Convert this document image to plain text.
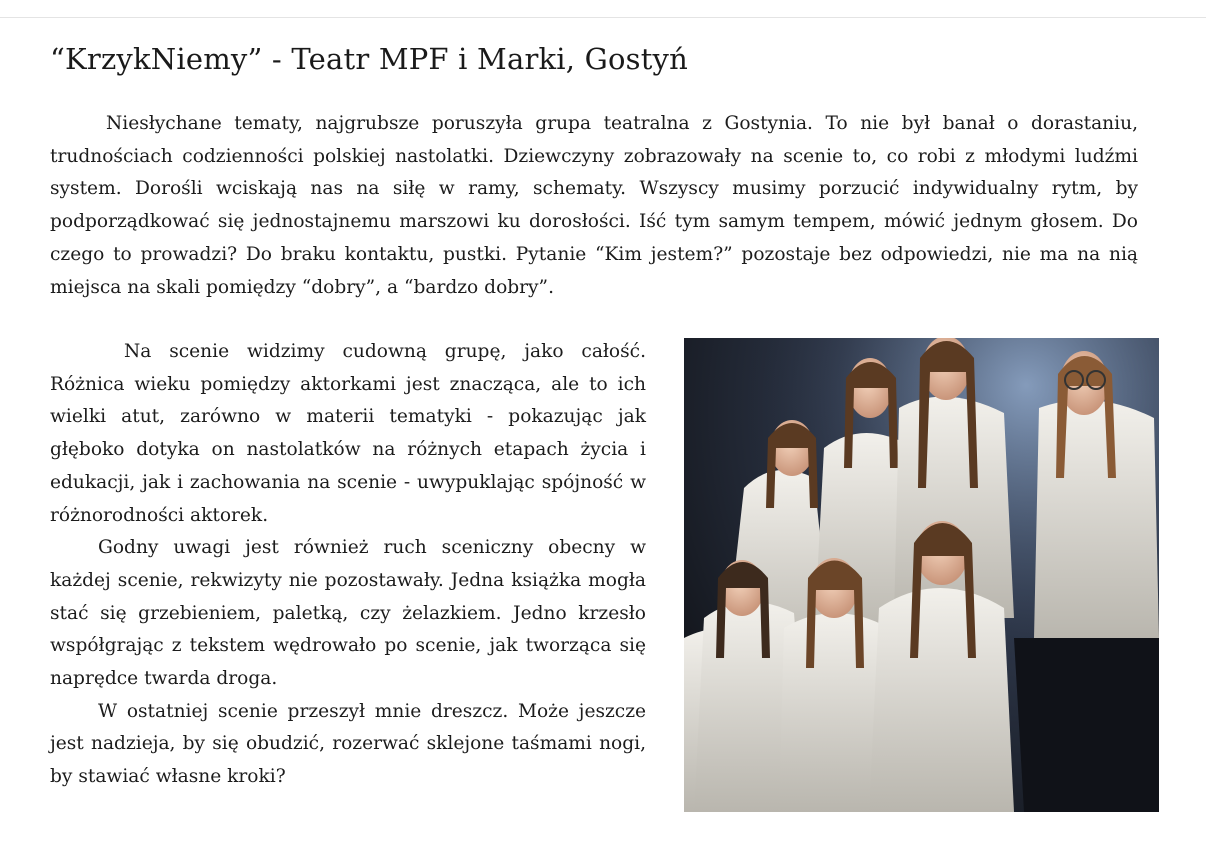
“KrzykNiemy” - Teatr MPF i Marki, Gostyń

Niesłychane tematy, najgrubsze poruszyła grupa teatralna z Gostynia. To nie był banał o dorastaniu, trudnościach codzienności polskiej nastolatki. Dziewczyny zobrazowały na scenie to, co robi z młodymi ludźmi system. Dorośli wciskają nas na siłę w ramy, schematy. Wszyscy musimy porzucić indywidualny rytm, by podporządkować się jednostajnemu marszowi ku dorosłości. Iść tym samym tempem, mówić jednym głosem. Do czego to prowadzi? Do braku kontaktu, pustki. Pytanie “Kim jestem?” pozostaje bez odpowiedzi, nie ma na nią miejsca na skali pomiędzy “dobry”, a “bardzo dobry”.

Na scenie widzimy cudowną grupę, jako całość. Różnica wieku pomiędzy aktorkami jest znacząca, ale to ich wielki atut, zarówno w materii tematyki - pokazując jak głęboko dotyka on nastolatków na różnych etapach życia i edukacji, jak i zachowania na scenie - uwypuklając spójność w różnorodności aktorek.

Godny uwagi jest również ruch sceniczny obecny w każdej scenie, rekwizyty nie pozostawały. Jedna książka mogła stać się grzebieniem, paletką, czy żelazkiem. Jedno krzesło współgrając z tekstem wędrowało po scenie, jak tworząca się naprędce twarda droga.

W ostatniej scenie przeszył mnie dreszcz. Może jeszcze jest nadzieja, by się obudzić, rozerwać sklejone taśmami nogi, by stawiać własne kroki?
